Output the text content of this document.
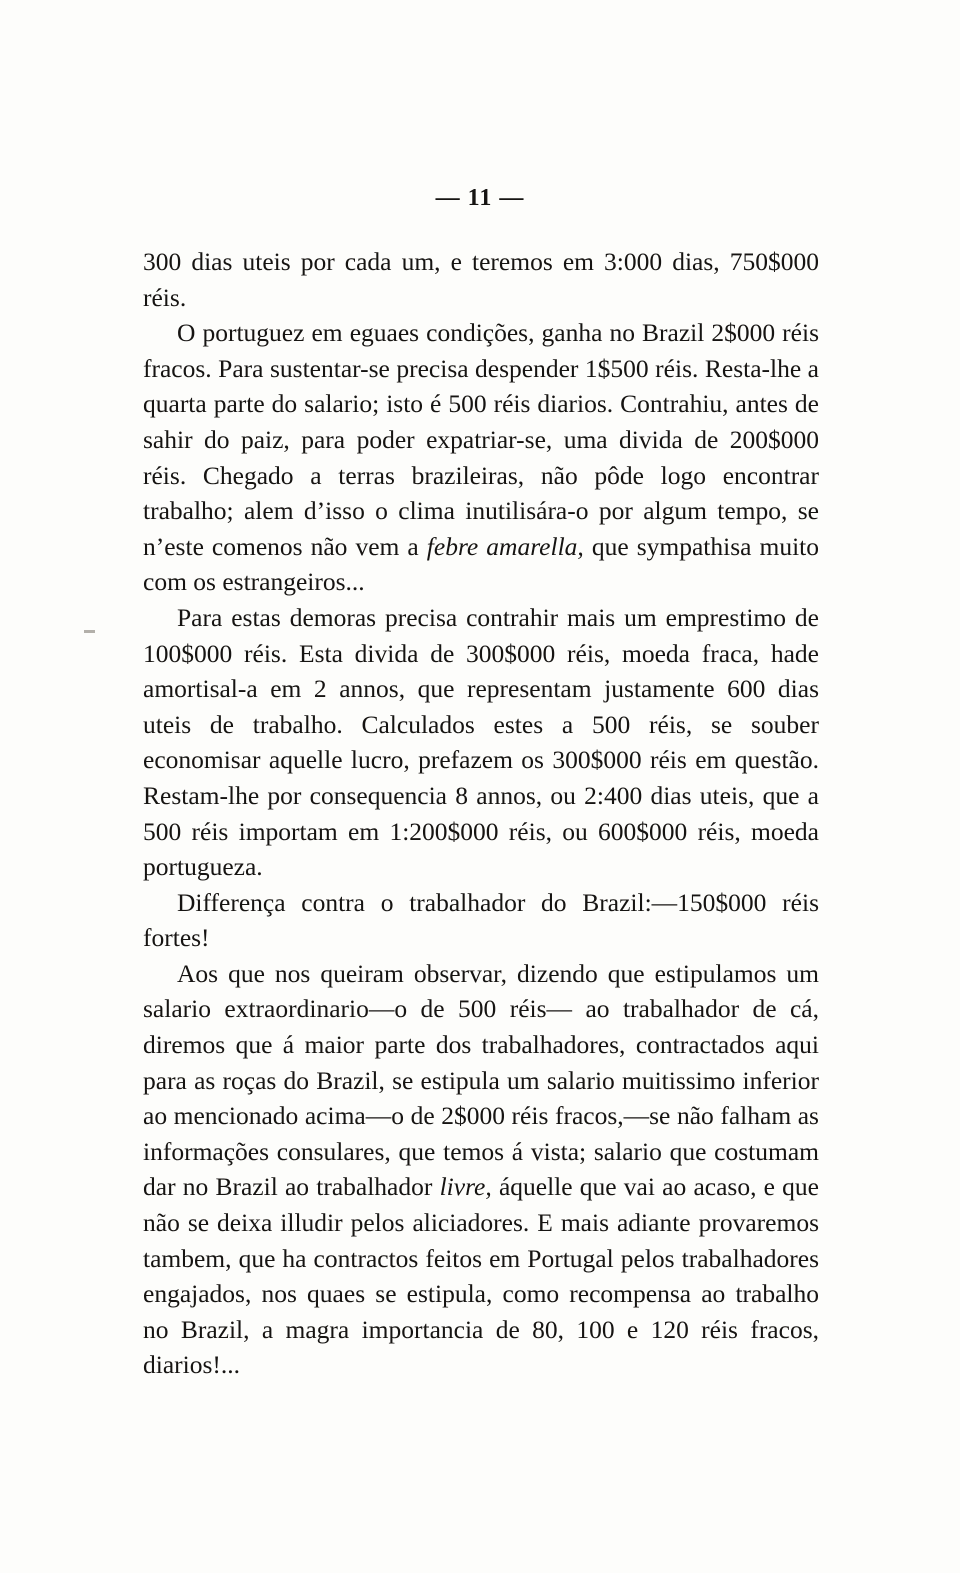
— 11 —

300 dias uteis por cada um, e teremos em 3:000 dias, 750$000 réis.

O portuguez em eguaes condições, ganha no Brazil 2$000 réis fracos. Para sustentar-se precisa despender 1$500 réis. Resta-lhe a quarta parte do salario; isto é 500 réis diarios. Contrahiu, antes de sahir do paiz, para poder expatriar-se, uma divida de 200$000 réis. Chegado a terras brazileiras, não pôde logo encontrar trabalho; alem d’isso o clima inutilisára-o por algum tempo, se n’este comenos não vem a febre amarella, que sympathisa muito com os estrangeiros...

Para estas demoras precisa contrahir mais um emprestimo de 100$000 réis. Esta divida de 300$000 réis, moeda fraca, hade amortisal-a em 2 annos, que representam justamente 600 dias uteis de trabalho. Calculados estes a 500 réis, se souber economisar aquelle lucro, prefazem os 300$000 réis em questão. Restam-lhe por consequencia 8 annos, ou 2:400 dias uteis, que a 500 réis importam em 1:200$000 réis, ou 600$000 réis, moeda portugueza.

Differença contra o trabalhador do Brazil:—150$000 réis fortes!

Aos que nos queiram observar, dizendo que estipulamos um salario extraordinario—o de 500 réis— ao trabalhador de cá, diremos que á maior parte dos trabalhadores, contractados aqui para as roças do Brazil, se estipula um salario muitissimo inferior ao mencionado acima—o de 2$000 réis fracos,—se não falham as informações consulares, que temos á vista; salario que costumam dar no Brazil ao trabalhador livre, áquelle que vai ao acaso, e que não se deixa illudir pelos aliciadores. E mais adiante provaremos tambem, que ha contractos feitos em Portugal pelos trabalhadores engajados, nos quaes se estipula, como recompensa ao trabalho no Brazil, a magra importancia de 80, 100 e 120 réis fracos, diarios!...
